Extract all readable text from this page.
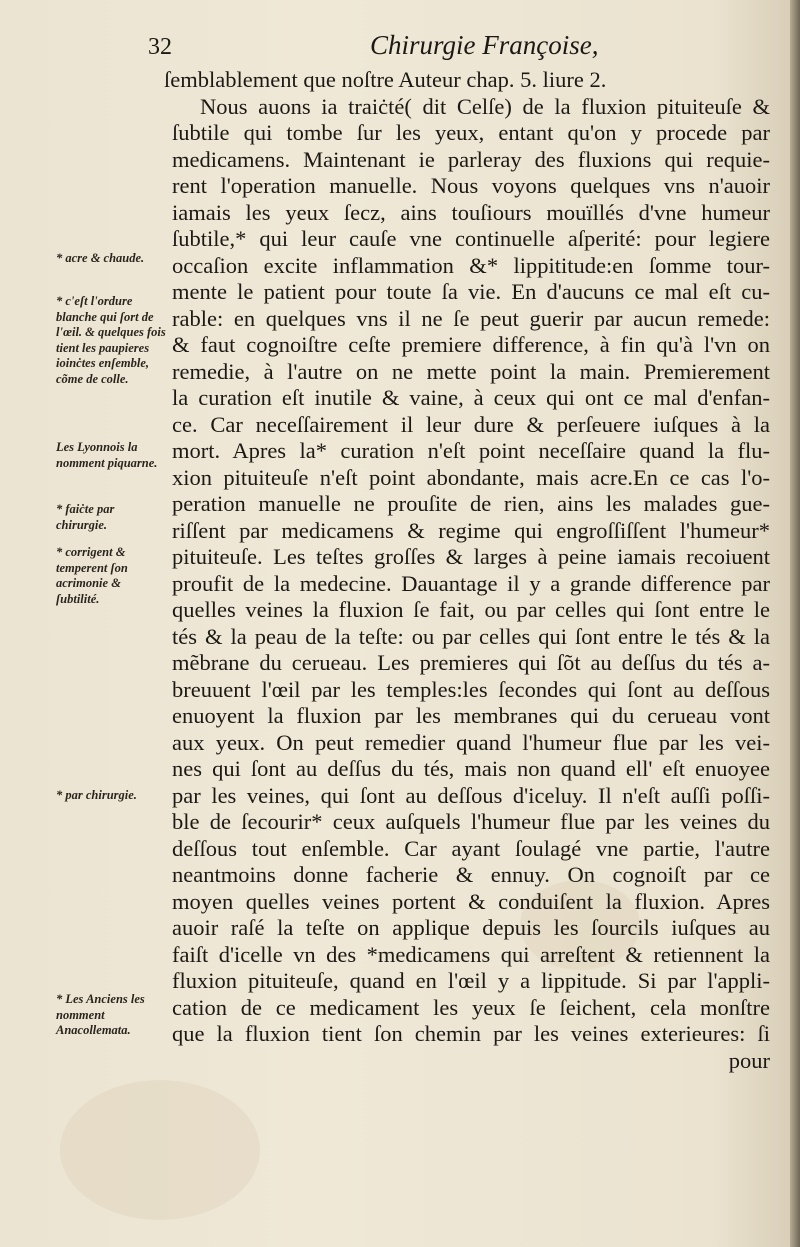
32	Chirurgie Françoise,
* acre & chaude.
* c'eſt l'ordure blanche qui ſort de l'œil. & quelques fois tient les paupieres ioinċtes enſemble, cõme de colle.
Les Lyonnois la nomment piquarne.
* faiċte par chirurgie.
* corrigent & temperent ſon acrimonie & ſubtilité.
* par chirurgie.
* Les Anciens les nomment Anacollemata.
ſemblablement que noſtre Auteur chap. 5. liure 2.
Nous auons ia traiċté( dit Celſe) de la fluxion pituiteuſe &
ſubtile qui tombe ſur les yeux, entant qu'on y procede par
medicamens. Maintenant ie parleray des fluxions qui requie-
rent l'operation manuelle. Nous voyons quelques vns n'auoir
iamais les yeux ſecz, ains touſiours mouïllés d'vne humeur
ſubtile,* qui leur cauſe vne continuelle aſperité: pour legiere
occaſion excite inflammation &* lippititude:en ſomme tour-
mente le patient pour toute ſa vie. En d'aucuns ce mal eſt cu-
rable: en quelques vns il ne ſe peut guerir par aucun remede:
& faut cognoiſtre ceſte premiere difference, à fin qu'à l'vn on
remedie, à l'autre on ne mette point la main. Premierement
la curation eſt inutile & vaine, à ceux qui ont ce mal d'enfan-
ce. Car neceſſairement il leur dure & perſeuere iuſques à la
mort. Apres la* curation n'eſt point neceſſaire quand la flu-
xion pituiteuſe n'eſt point abondante, mais acre.En ce cas l'o-
peration manuelle ne prouſite de rien, ains les malades gue-
riſſent par medicamens & regime qui engroſſiſſent l'humeur*
pituiteuſe. Les teſtes groſſes & larges à peine iamais recoiuent
proufit de la medecine. Dauantage il y a grande difference par
quelles veines la fluxion ſe fait, ou par celles qui ſont entre le
tés & la peau de la teſte: ou par celles qui ſont entre le tés & la
mẽbrane du cerueau. Les premieres qui ſõt au deſſus du tés a-
breuuent l'œil par les temples:les ſecondes qui ſont au deſſous
enuoyent la fluxion par les membranes qui du cerueau vont
aux yeux. On peut remedier quand l'humeur flue par les vei-
nes qui ſont au deſſus du tés, mais non quand ell' eſt enuoyee
par les veines, qui ſont au deſſous d'iceluy. Il n'eſt auſſi poſſi-
ble de ſecourir* ceux auſquels l'humeur flue par les veines du
deſſous tout enſemble. Car ayant ſoulagé vne partie, l'autre
neantmoins donne facherie & ennuy. On cognoiſt par ce
moyen quelles veines portent & conduiſent la fluxion. Apres
auoir raſé la teſte on applique depuis les ſourcils iuſques au
faiſt d'icelle vn des *medicamens qui arreſtent & retiennent la
fluxion pituiteuſe, quand en l'œil y a lippitude. Si par l'appli-
cation de ce medicament les yeux ſe ſeichent, cela monſtre
que la fluxion tient ſon chemin par les veines exterieures: ſi
pour
